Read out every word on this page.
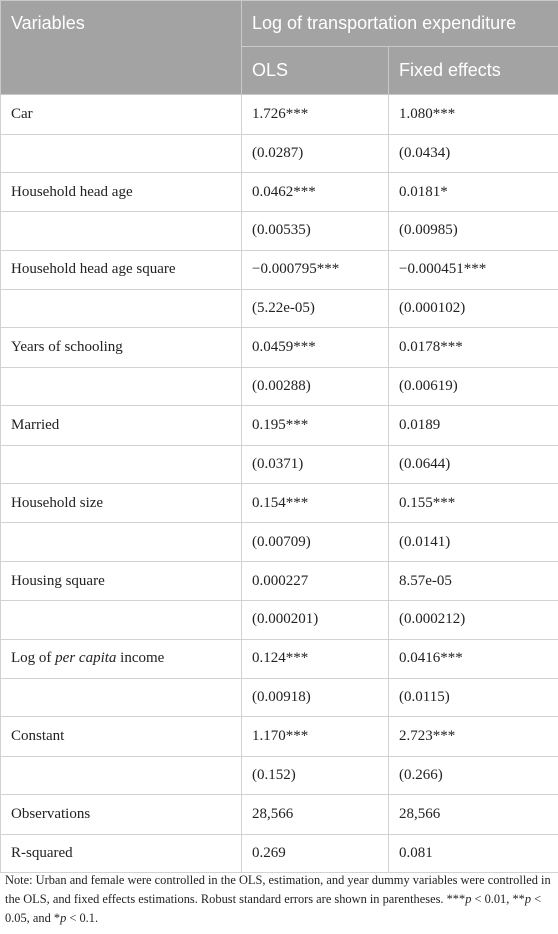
Variables	Log of transportation expenditure	
	OLS	Fixed effects
Car	1.726***	1.080***
	(0.0287)	(0.0434)
Household head age	0.0462***	0.0181*
	(0.00535)	(0.00985)
Household head age square	−0.000795***	−0.000451***
	(5.22e-05)	(0.000102)
Years of schooling	0.0459***	0.0178***
	(0.00288)	(0.00619)
Married	0.195***	0.0189
	(0.0371)	(0.0644)
Household size	0.154***	0.155***
	(0.00709)	(0.0141)
Housing square	0.000227	8.57e-05
	(0.000201)	(0.000212)
Log of per capita income	0.124***	0.0416***
	(0.00918)	(0.0115)
Constant	1.170***	2.723***
	(0.152)	(0.266)
Observations	28,566	28,566
R-squared	0.269	0.081
Note: Urban and female were controlled in the OLS, estimation, and year dummy variables were controlled in the OLS, and fixed effects estimations. Robust standard errors are shown in parentheses. ***p < 0.01, **p < 0.05, and *p < 0.1.
